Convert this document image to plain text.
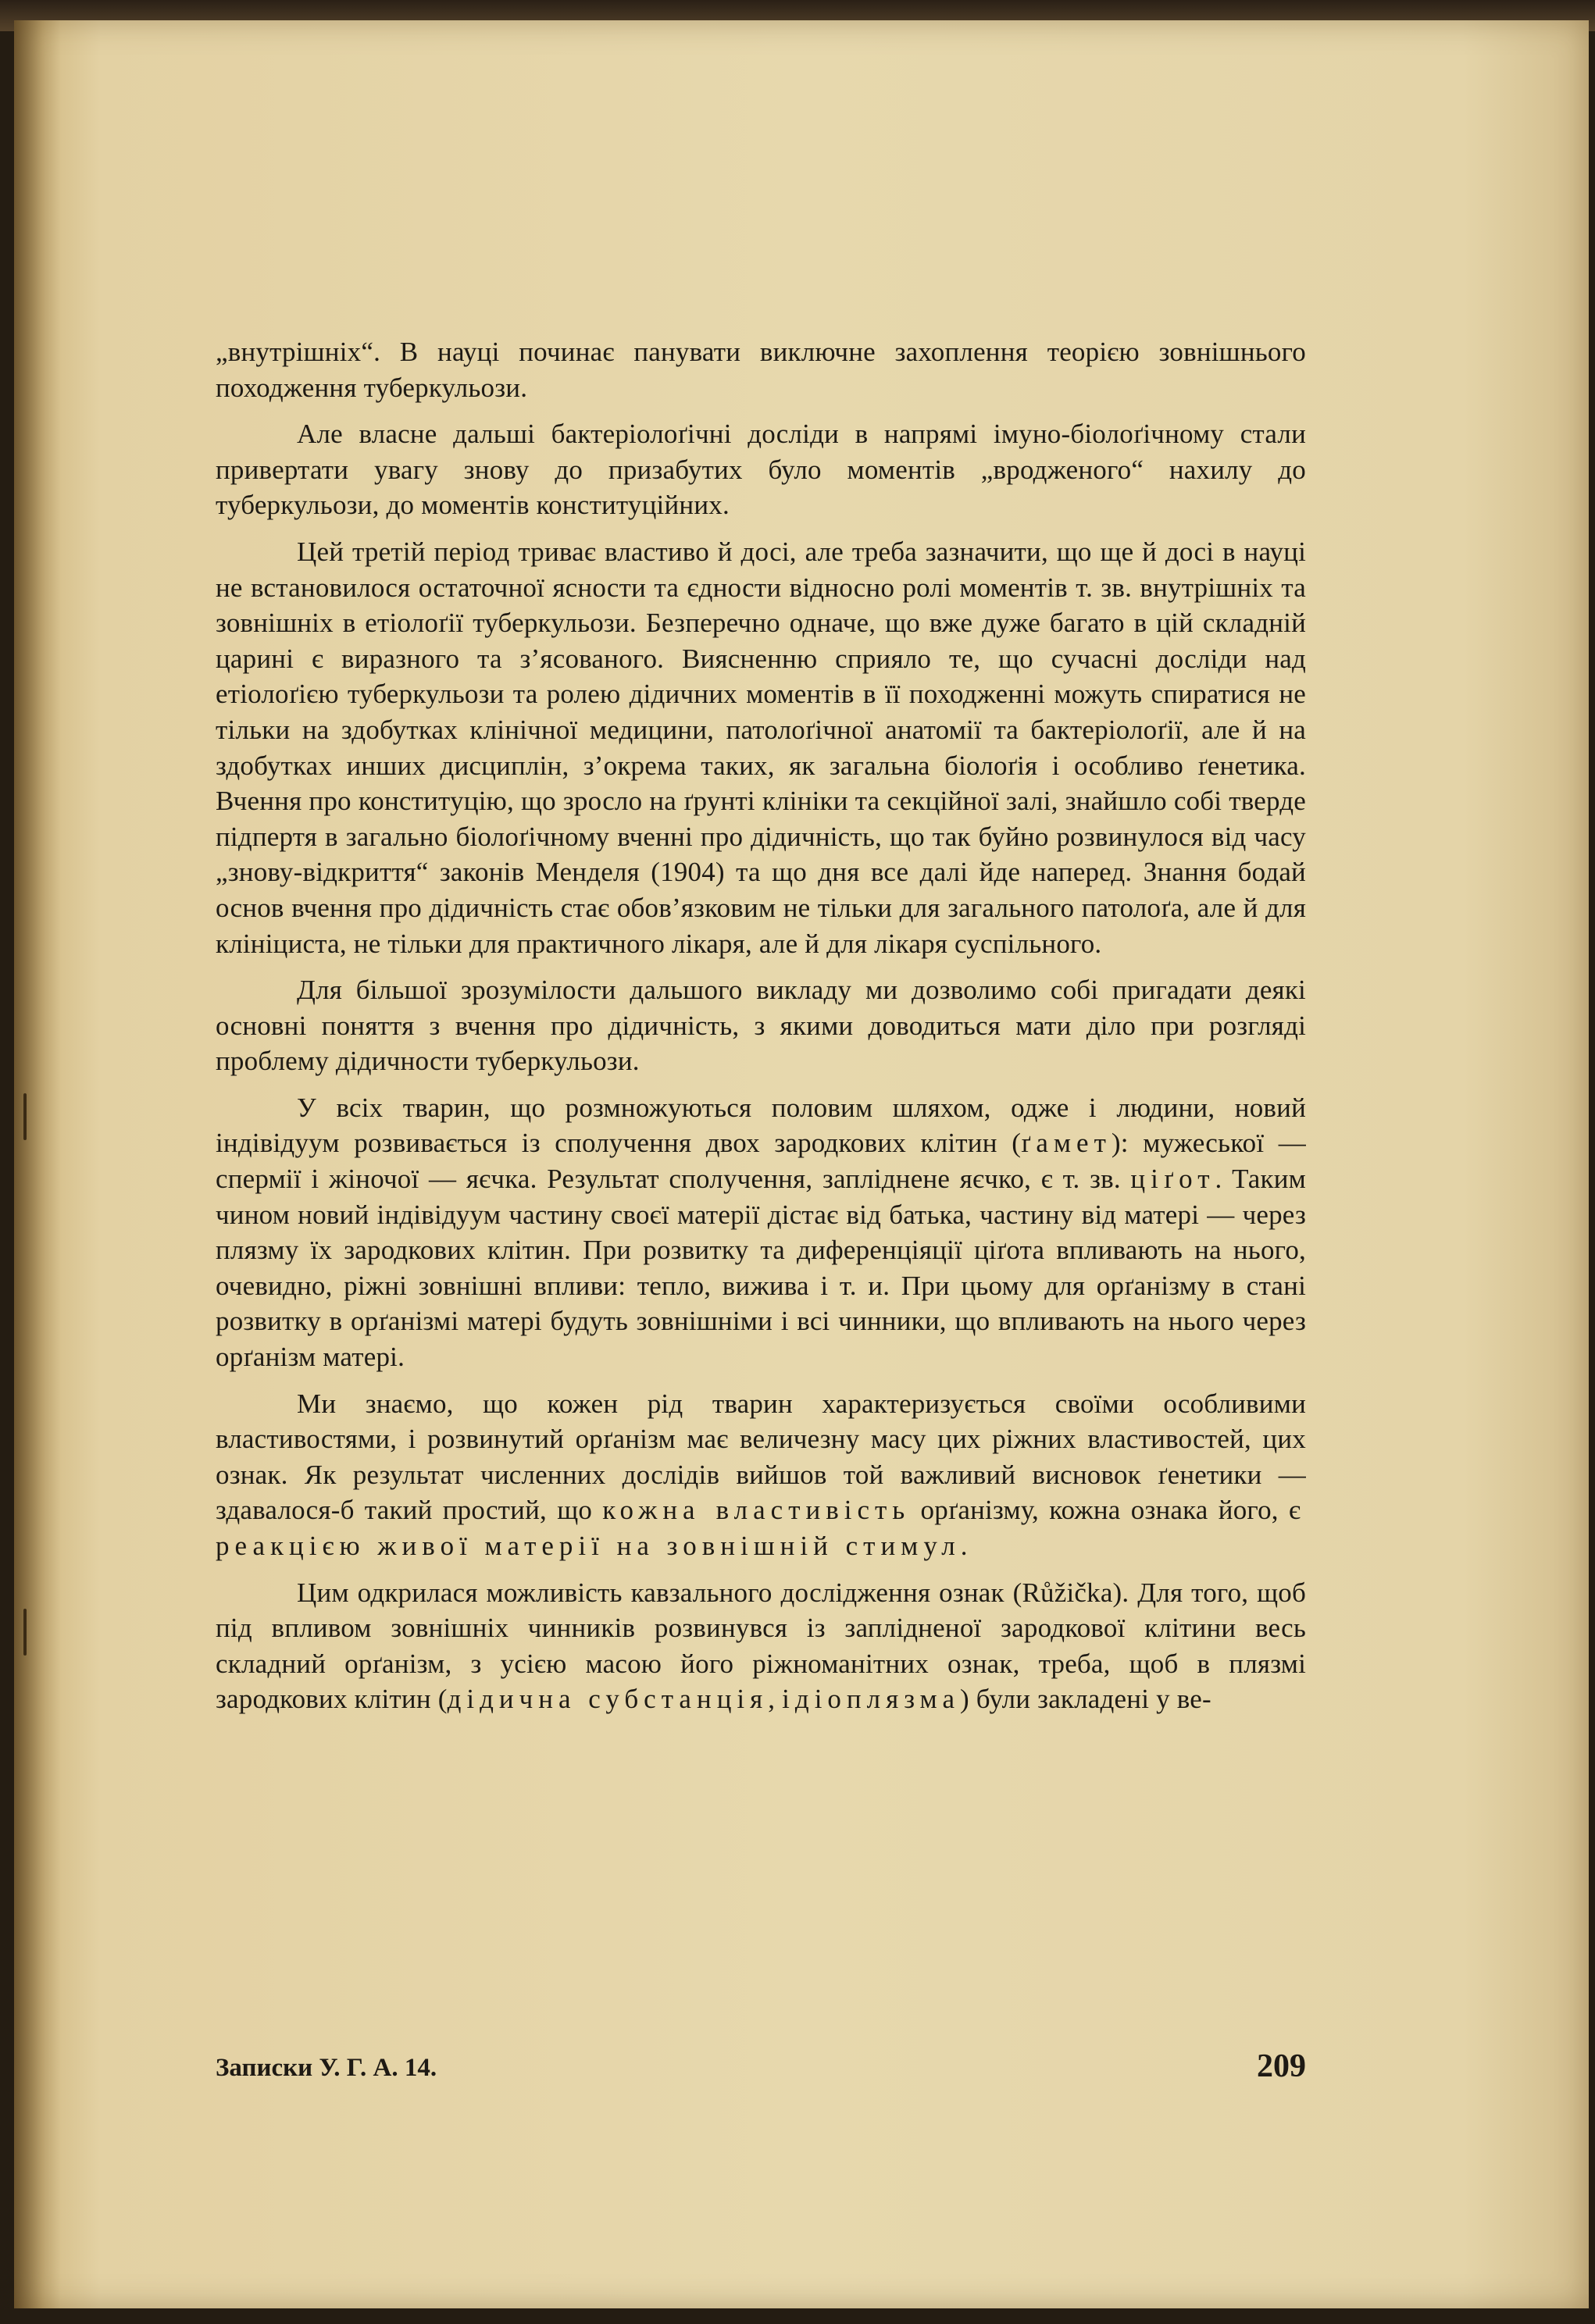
„внутрішніх“. В науці починає панувати виключне захоплення теорією зовнішнього походження туберкульози.

Але власне дальші бактеріолоґічні досліди в напрямі імуно-біолоґічному стали привертати увагу знову до призабутих було моментів „вродженого“ нахилу до туберкульози, до моментів конституційних.

Цей третій період триває властиво й досі, але треба зазначити, що ще й досі в науці не встановилося остаточної ясности та єдности відносно ролі моментів т. зв. внутрішніх та зовнішніх в етіолоґії туберкульози. Безперечно одначе, що вже дуже багато в цій складній царині є виразного та з’ясованого. Виясненню сприяло те, що сучасні досліди над етіолоґією туберкульози та ролею дідичних моментів в її походженні можуть спиратися не тільки на здобутках клінічної медицини, патолоґічної анатомії та бактеріолоґії, але й на здобутках инших дисциплін, з’окрема таких, як загальна біолоґія і особливо ґенетика. Вчення про конституцію, що зросло на ґрунті клініки та секційної залі, знайшло собі тверде підпертя в загально біолоґічному вченні про дідичність, що так буйно розвинулося від часу „знову-відкриття“ законів Менделя (1904) та що дня все далі йде наперед. Знання бодай основ вчення про дідичність стає обов’язковим не тільки для загального патолоґа, але й для клініциста, не тільки для практичного лікаря, але й для лікаря суспільного.

Для більшої зрозумілости дальшого викладу ми дозволимо собі пригадати деякі основні поняття з вчення про дідичність, з якими доводиться мати діло при розгляді проблему дідичности туберкульози.

У всіх тварин, що розмножуються половим шляхом, одже і людини, новий індівідуум розвивається із сполучення двох зародкових клітин (ґамет): мужеської — спермії і жіночої — яєчка. Результат сполучення, запліднене яєчко, є т. зв. ціґот. Таким чином новий індівідуум частину своєї матерії дістає від батька, частину від матері — через плязму їх зародкових клітин. При розвитку та диференціяції ціґота впливають на нього, очевидно, ріжні зовнішні впливи: тепло, вижива і т. и. При цьому для орґанізму в стані розвитку в орґанізмі матері будуть зовнішніми і всі чинники, що впливають на нього через орґанізм матері.

Ми знаємо, що кожен рід тварин характеризується своїми особливими властивостями, і розвинутий орґанізм має величезну масу цих ріжних властивостей, цих ознак. Як результат численних дослідів вийшов той важливий висновок ґенетики — здавалося-б такий простий, що кожна властивість орґанізму, кожна ознака його, є реакцією живої матерії на зовнішній стимул.

Цим одкрилася можливість кавзального дослідження ознак (Růžička). Для того, щоб під впливом зовнішніх чинників розвинувся із заплідненої зародкової клітини весь складний орґанізм, з усією масою його ріжноманітних ознак, треба, щоб в плязмі зародкових клітин (дідична субстанція, ідіоплязма) були закладені у ве-

Записки У. Г. А. 14.	209
